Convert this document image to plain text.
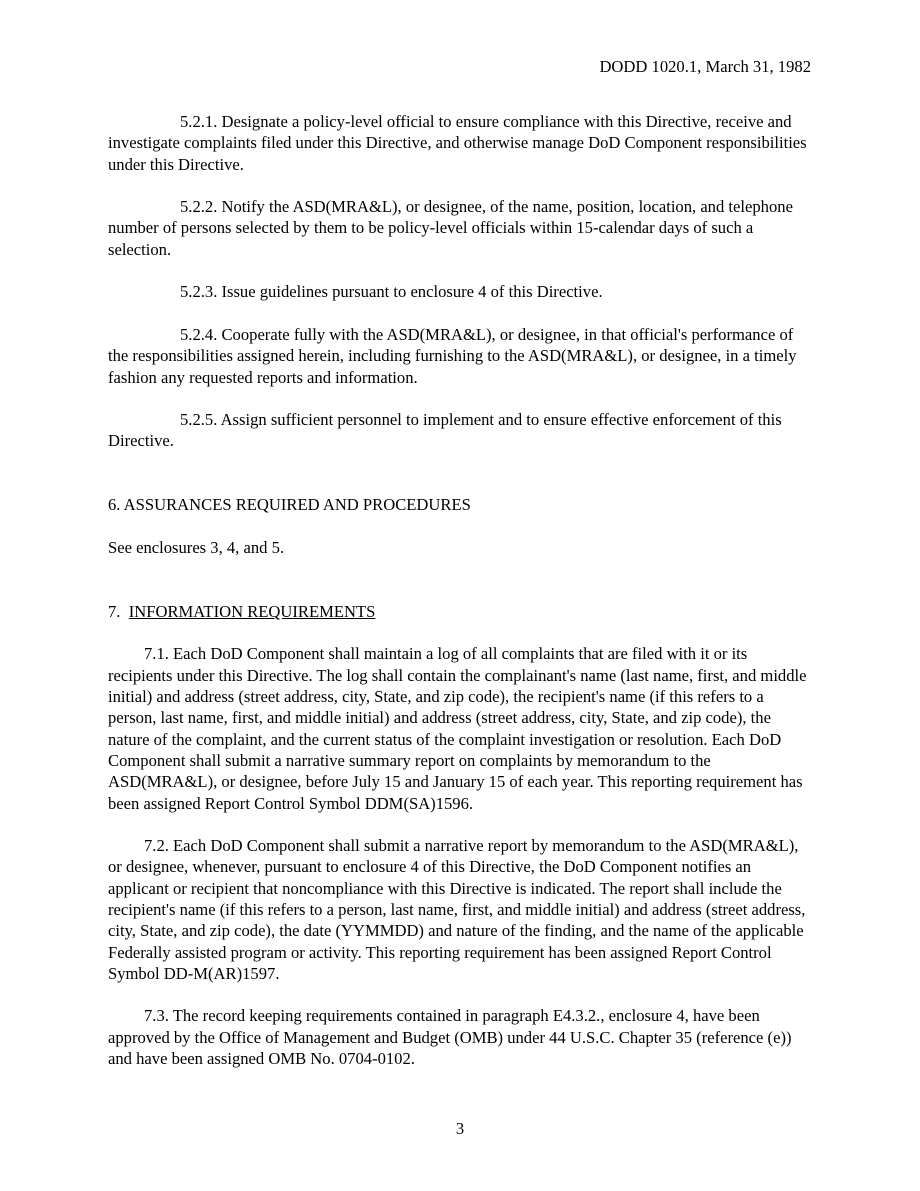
DODD 1020.1, March 31, 1982

5.2.1. Designate a policy-level official to ensure compliance with this Directive, receive and investigate complaints filed under this Directive, and otherwise manage DoD Component responsibilities under this Directive.

5.2.2. Notify the ASD(MRA&L), or designee, of the name, position, location, and telephone number of persons selected by them to be policy-level officials within 15-calendar days of such a selection.

5.2.3. Issue guidelines pursuant to enclosure 4 of this Directive.

5.2.4. Cooperate fully with the ASD(MRA&L), or designee, in that official's performance of the responsibilities assigned herein, including furnishing to the ASD(MRA&L), or designee, in a timely fashion any requested reports and information.

5.2.5. Assign sufficient personnel to implement and to ensure effective enforcement of this Directive.

6. ASSURANCES REQUIRED AND PROCEDURES

See enclosures 3, 4, and 5.

7.  INFORMATION REQUIREMENTS

7.1. Each DoD Component shall maintain a log of all complaints that are filed with it or its recipients under this Directive. The log shall contain the complainant's name (last name, first, and middle initial) and address (street address, city, State, and zip code), the recipient's name (if this refers to a person, last name, first, and middle initial) and address (street address, city, State, and zip code), the nature of the complaint, and the current status of the complaint investigation or resolution. Each DoD Component shall submit a narrative summary report on complaints by memorandum to the ASD(MRA&L), or designee, before July 15 and January 15 of each year. This reporting requirement has been assigned Report Control Symbol DDM(SA)1596.

7.2. Each DoD Component shall submit a narrative report by memorandum to the ASD(MRA&L), or designee, whenever, pursuant to enclosure 4 of this Directive, the DoD Component notifies an applicant or recipient that noncompliance with this Directive is indicated. The report shall include the recipient's name (if this refers to a person, last name, first, and middle initial) and address (street address, city, State, and zip code), the date (YYMMDD) and nature of the finding, and the name of the applicable Federally assisted program or activity. This reporting requirement has been assigned Report Control Symbol DD-M(AR)1597.

7.3. The record keeping requirements contained in paragraph E4.3.2., enclosure 4, have been approved by the Office of Management and Budget (OMB) under 44 U.S.C. Chapter 35 (reference (e)) and have been assigned OMB No. 0704-0102.

3
